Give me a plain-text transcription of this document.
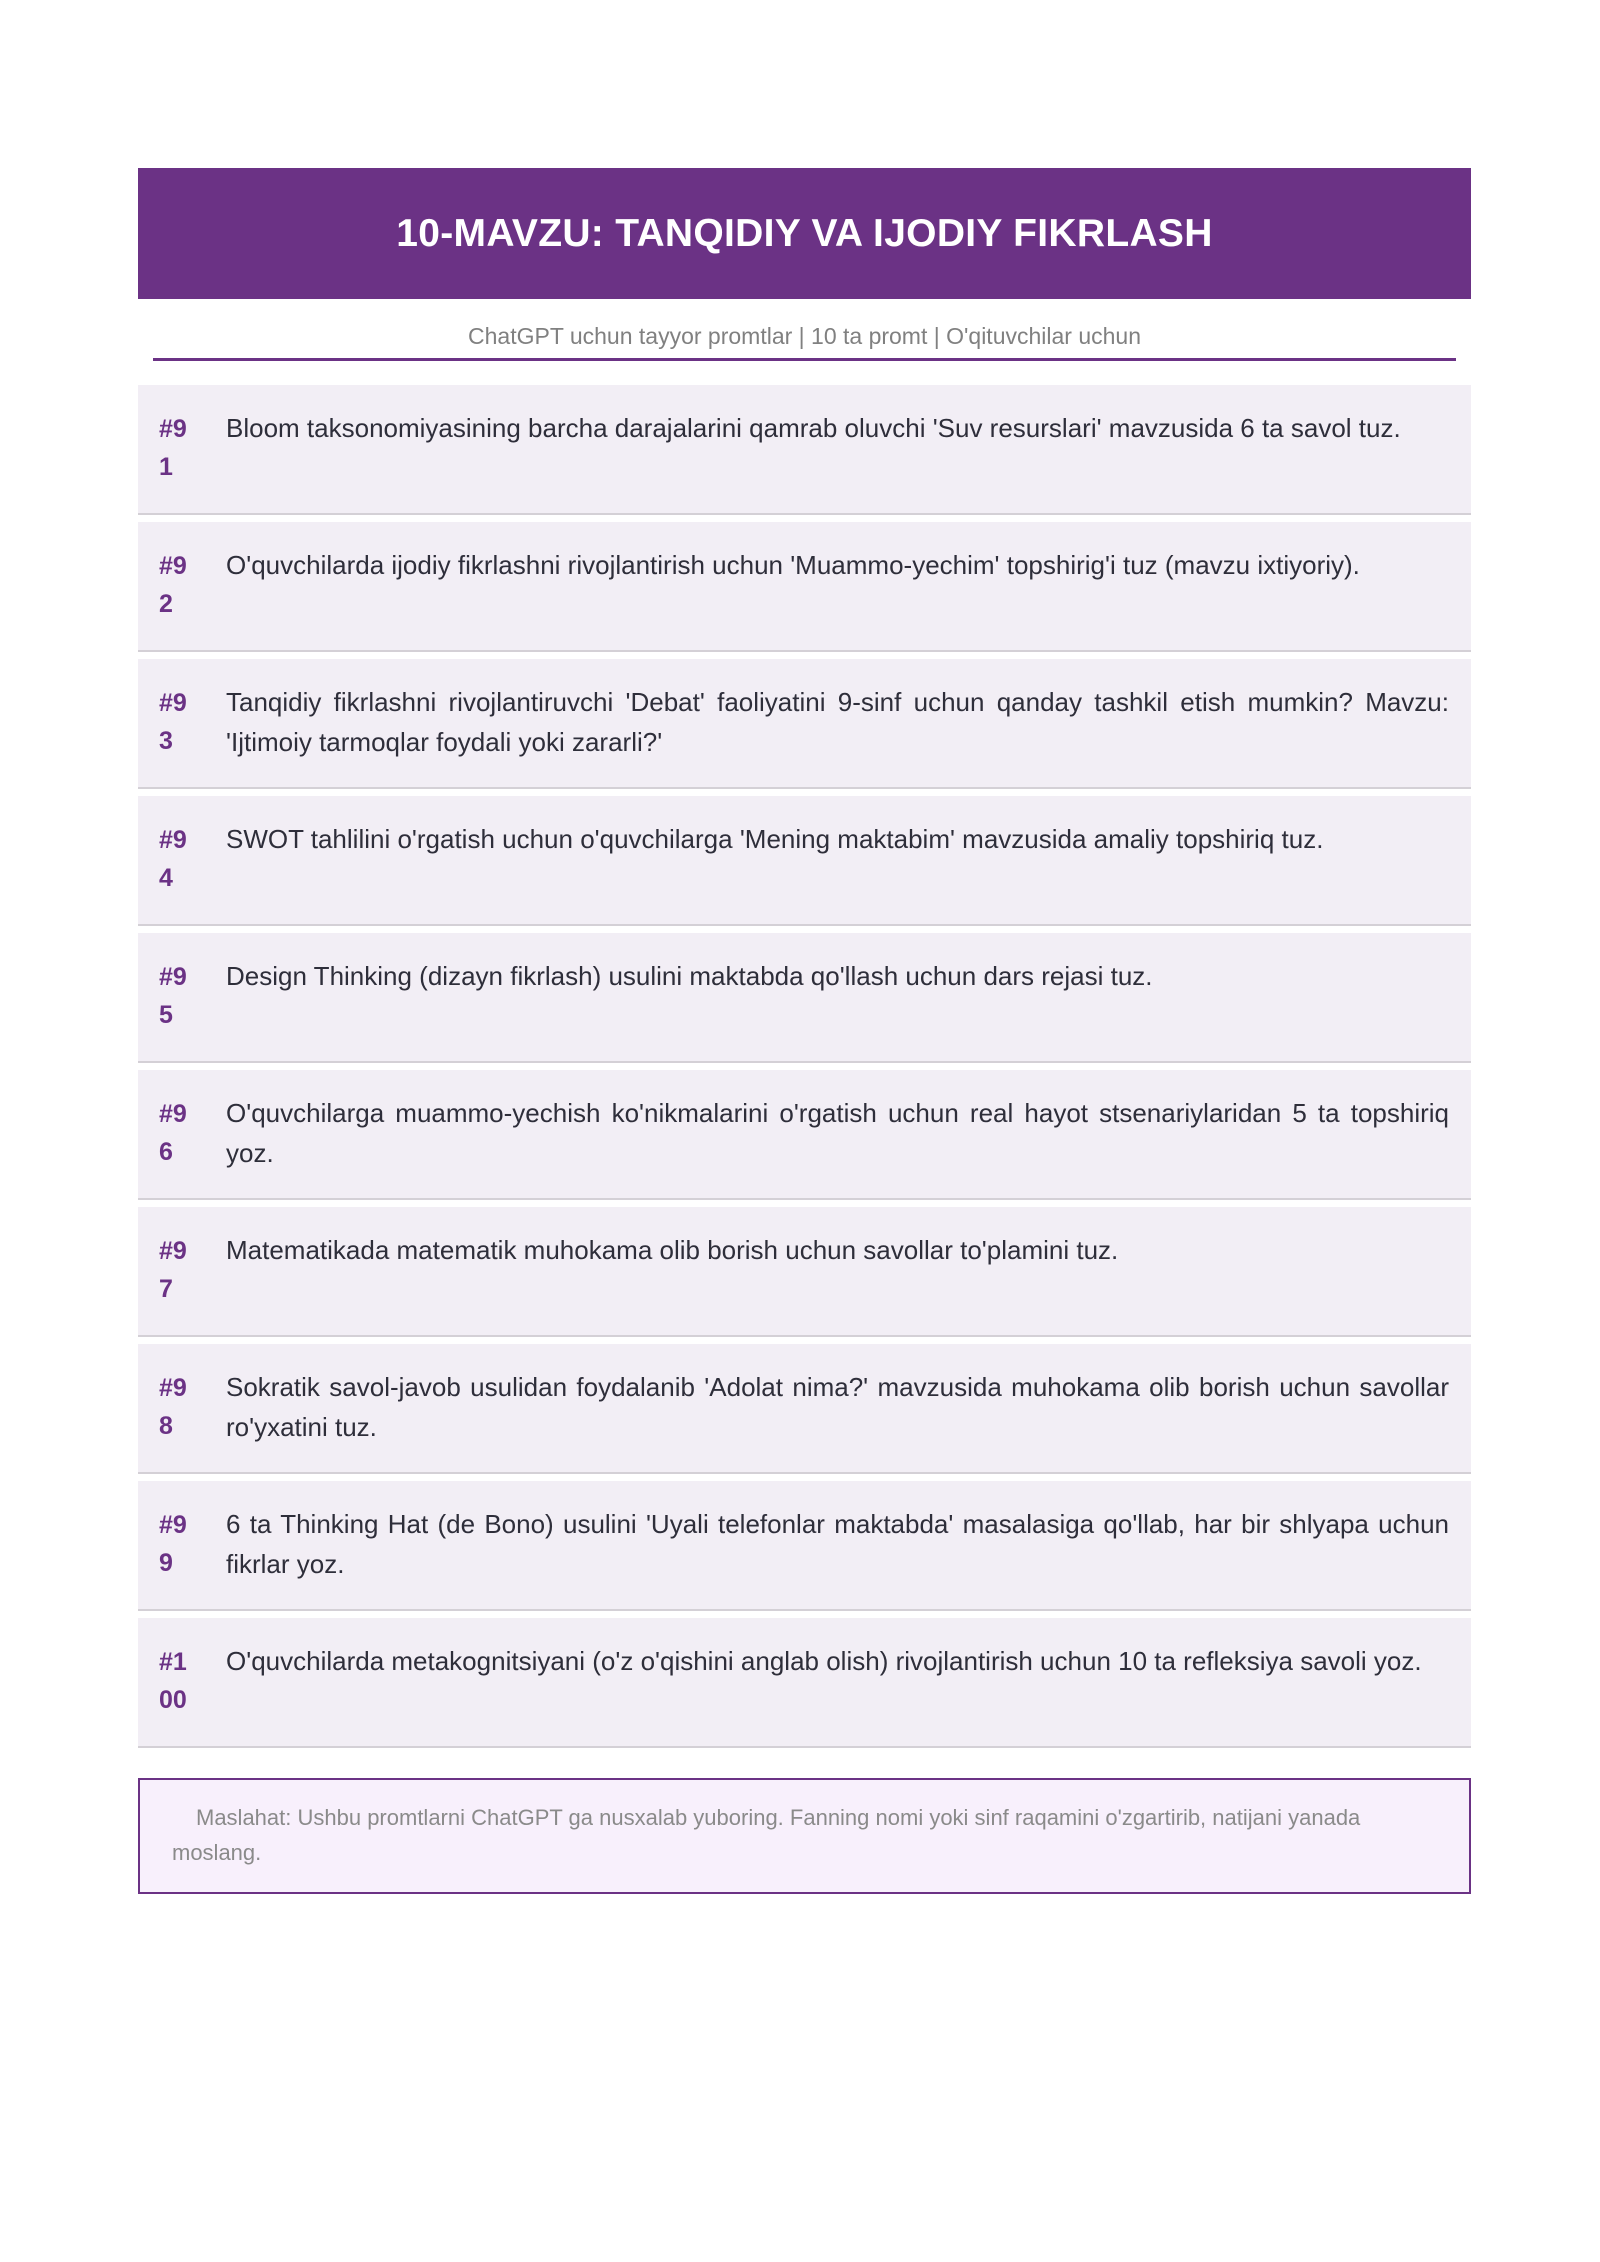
10-MAVZU: TANQIDIY VA IJODIY FIKRLASH
ChatGPT uchun tayyor promtlar | 10 ta promt | O'qituvchilar uchun
#9
1
Bloom taksonomiyasining barcha darajalarini qamrab oluvchi 'Suv resurslari' mavzusida 6 ta savol tuz.
#9
2
O'quvchilarda ijodiy fikrlashni rivojlantirish uchun 'Muammo-yechim' topshirig'i tuz (mavzu ixtiyoriy).
#9
3
Tanqidiy fikrlashni rivojlantiruvchi 'Debat' faoliyatini 9-sinf uchun qanday tashkil etish mumkin? Mavzu: 'Ijtimoiy tarmoqlar foydali yoki zararli?'
#9
4
SWOT tahlilini o'rgatish uchun o'quvchilarga 'Mening maktabim' mavzusida amaliy topshiriq tuz.
#9
5
Design Thinking (dizayn fikrlash) usulini maktabda qo'llash uchun dars rejasi tuz.
#9
6
O'quvchilarga muammo-yechish ko'nikmalarini o'rgatish uchun real hayot stsenariylaridan 5 ta topshiriq yoz.
#9
7
Matematikada matematik muhokama olib borish uchun savollar to'plamini tuz.
#9
8
Sokratik savol-javob usulidan foydalanib 'Adolat nima?' mavzusida muhokama olib borish uchun savollar ro'yxatini tuz.
#9
9
6 ta Thinking Hat (de Bono) usulini 'Uyali telefonlar maktabda' masalasiga qo'llab, har bir shlyapa uchun fikrlar yoz.
#1
00
O'quvchilarda metakognitsiyani (o'z o'qishini anglab olish) rivojlantirish uchun 10 ta refleksiya savoli yoz.
Maslahat: Ushbu promtlarni ChatGPT ga nusxalab yuboring. Fanning nomi yoki sinf raqamini o'zgartirib, natijani yanada moslang.
